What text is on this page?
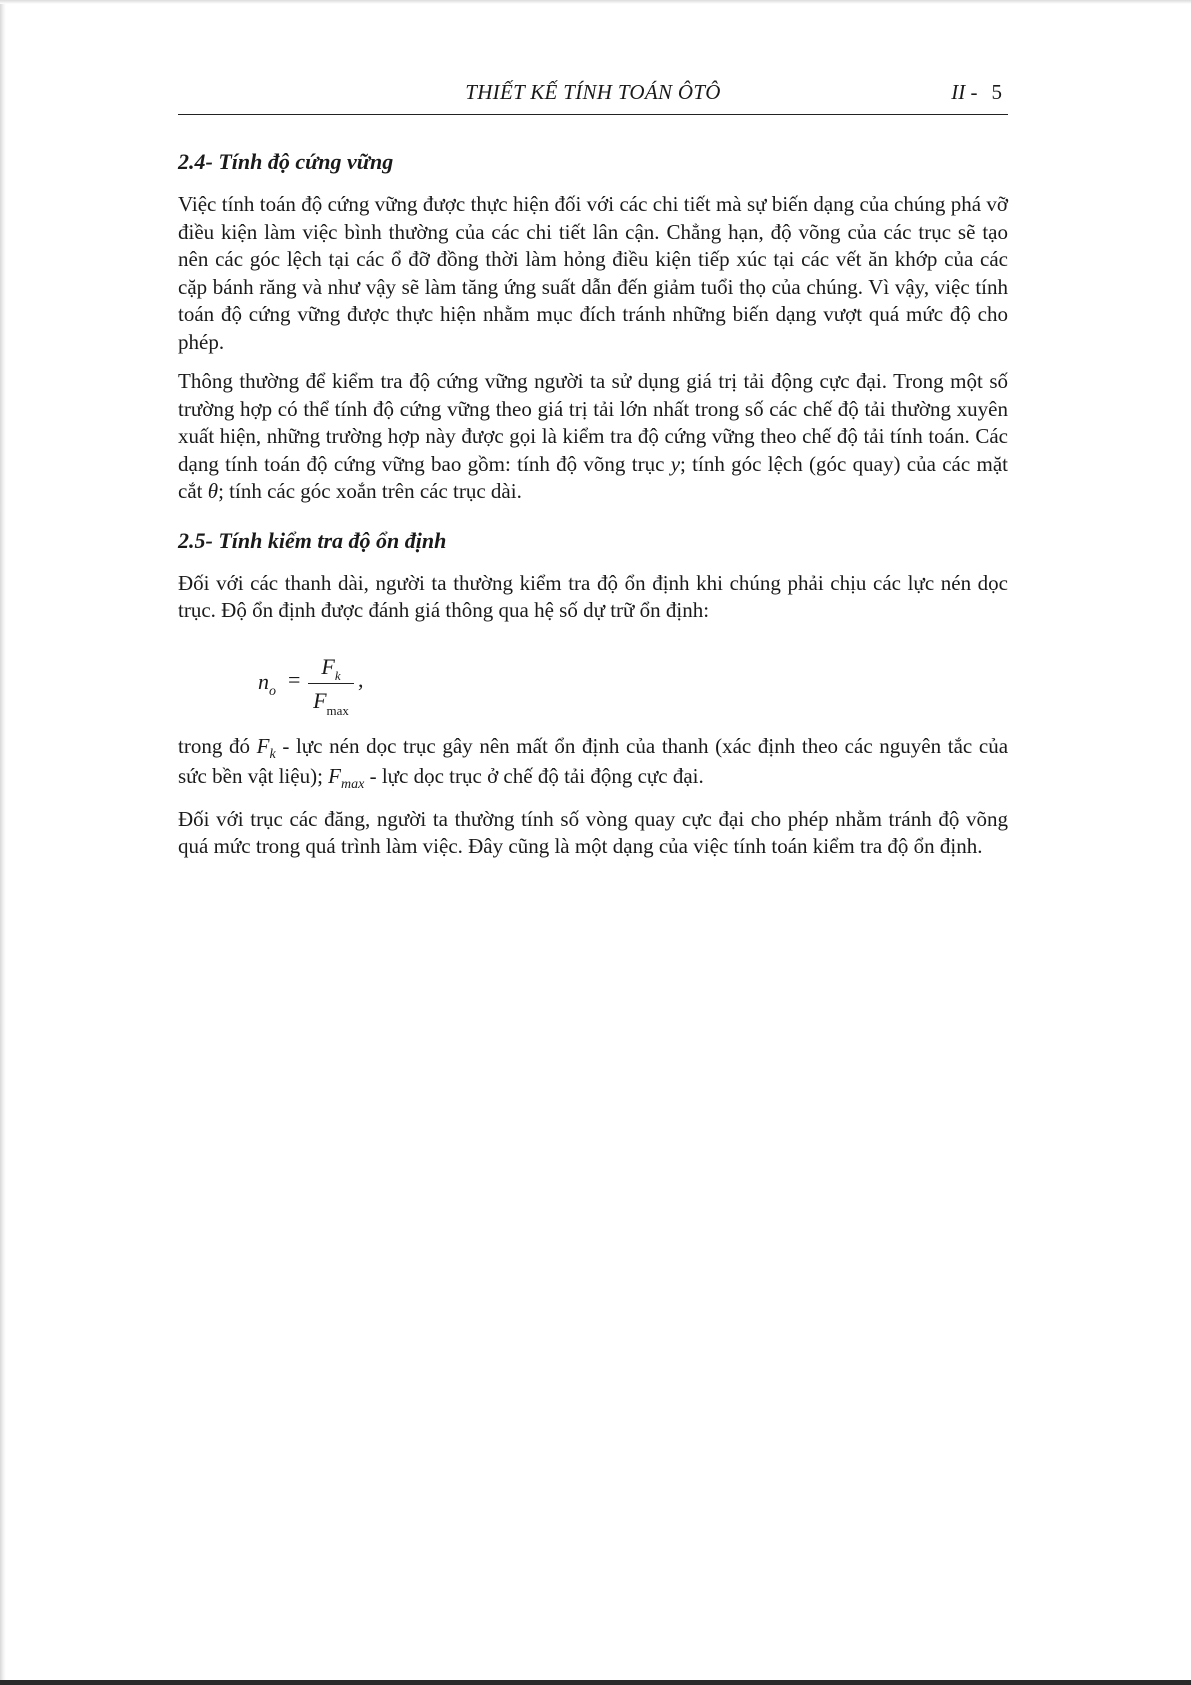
THIẾT KẾ TÍNH TOÁN ÔTÔ	II - 5
2.4- Tính độ cứng vững

Việc tính toán độ cứng vững được thực hiện đối với các chi tiết mà sự biến dạng của chúng phá vỡ điều kiện làm việc bình thường của các chi tiết lân cận. Chẳng hạn, độ võng của các trục sẽ tạo nên các góc lệch tại các ổ đỡ đồng thời làm hỏng điều kiện tiếp xúc tại các vết ăn khớp của các cặp bánh răng và như vậy sẽ làm tăng ứng suất dẫn đến giảm tuổi thọ của chúng. Vì vậy, việc tính toán độ cứng vững được thực hiện nhằm mục đích tránh những biến dạng vượt quá mức độ cho phép.

Thông thường để kiểm tra độ cứng vững người ta sử dụng giá trị tải động cực đại. Trong một số trường hợp có thể tính độ cứng vững theo giá trị tải lớn nhất trong số các chế độ tải thường xuyên xuất hiện, những trường hợp này được gọi là kiểm tra độ cứng vững theo chế độ tải tính toán. Các dạng tính toán độ cứng vững bao gồm: tính độ võng trục y; tính góc lệch (góc quay) của các mặt cắt θ; tính các góc xoắn trên các trục dài.

2.5- Tính kiểm tra độ ổn định

Đối với các thanh dài, người ta thường kiểm tra độ ổn định khi chúng phải chịu các lực nén dọc trục. Độ ổn định được đánh giá thông qua hệ số dự trữ ổn định:

$n_o$ =
$F_k$
$F_{max}$
,

trong đó $F_k$ - lực nén dọc trục gây nên mất ổn định của thanh (xác định theo các nguyên tắc của sức bền vật liệu); $F_{max}$ - lực dọc trục ở chế độ tải động cực đại.

Đối với trục các đăng, người ta thường tính số vòng quay cực đại cho phép nhằm tránh độ võng quá mức trong quá trình làm việc. Đây cũng là một dạng của việc tính toán kiểm tra độ ổn định.
